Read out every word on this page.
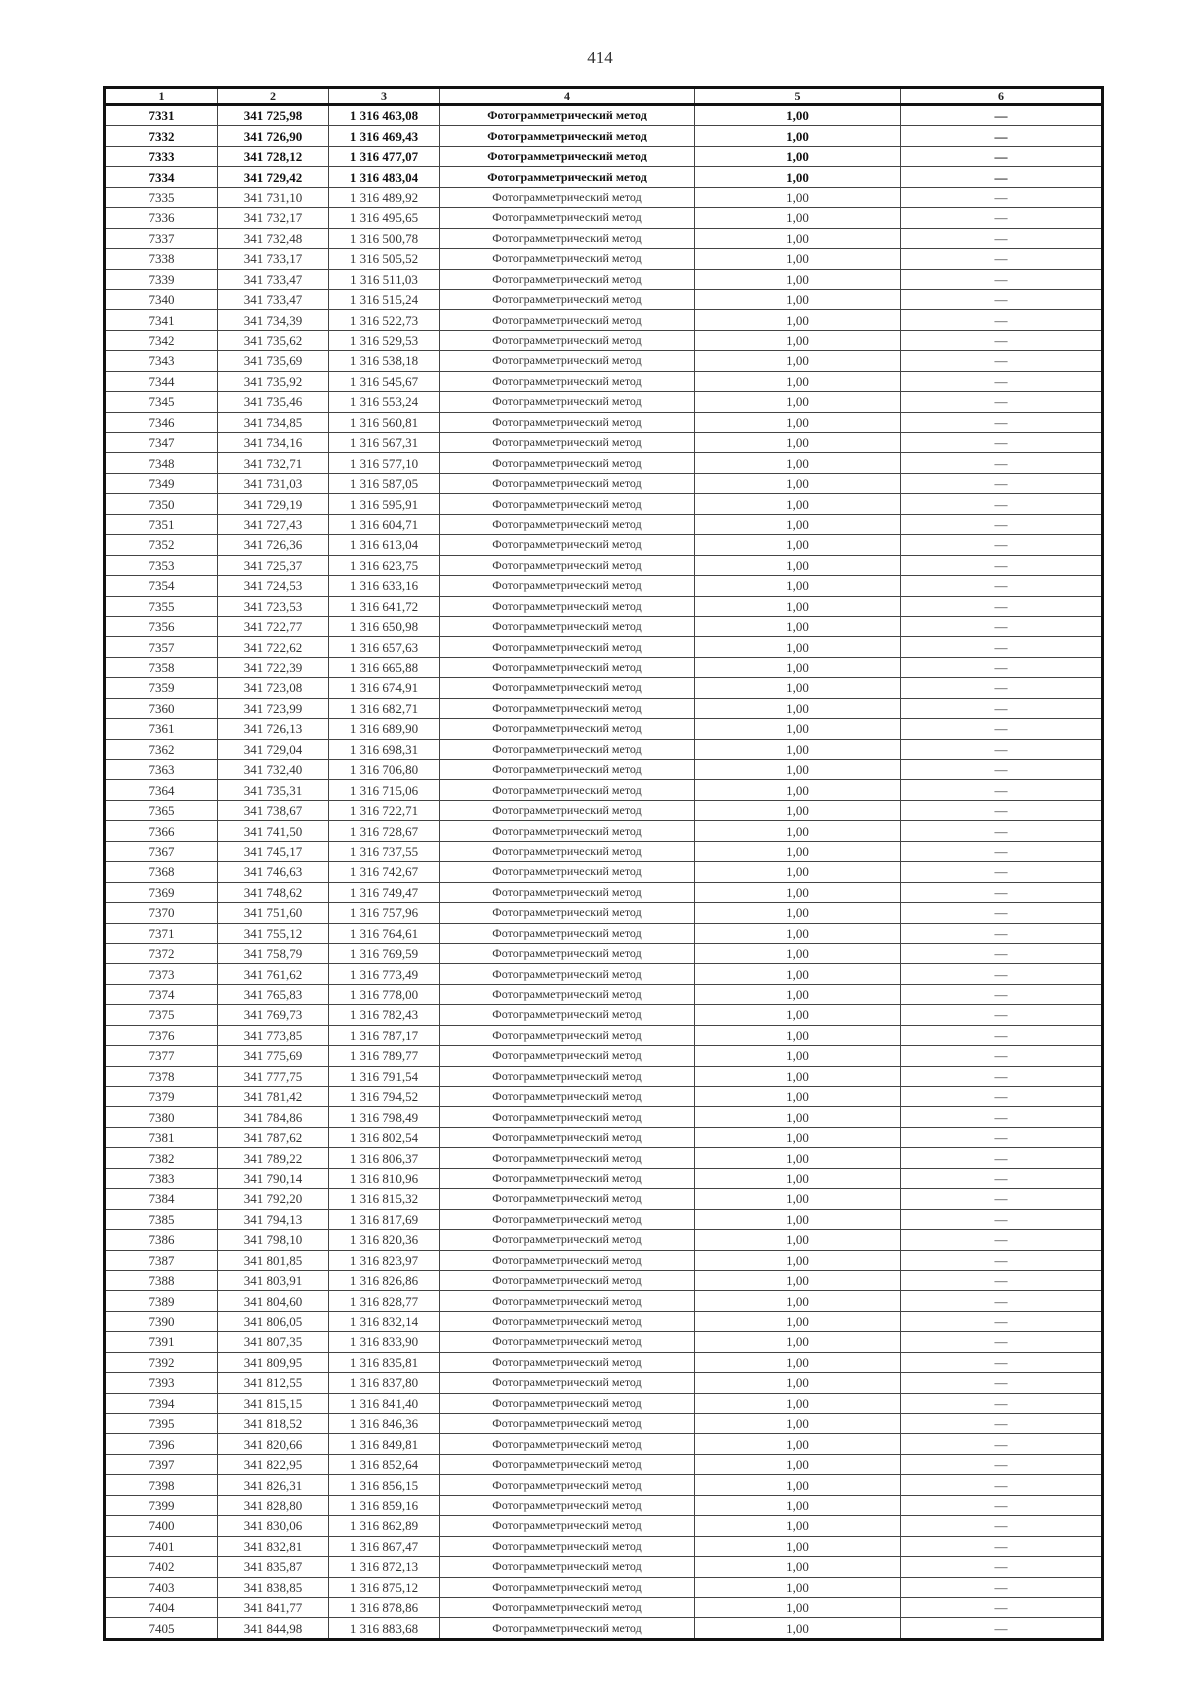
414
1	2	3	4	5	6
7331	341 725,98	1 316 463,08	Фотограмметрический метод	1,00	—
7332	341 726,90	1 316 469,43	Фотограмметрический метод	1,00	—
7333	341 728,12	1 316 477,07	Фотограмметрический метод	1,00	—
7334	341 729,42	1 316 483,04	Фотограмметрический метод	1,00	—
7335	341 731,10	1 316 489,92	Фотограмметрический метод	1,00	—
7336	341 732,17	1 316 495,65	Фотограмметрический метод	1,00	—
7337	341 732,48	1 316 500,78	Фотограмметрический метод	1,00	—
7338	341 733,17	1 316 505,52	Фотограмметрический метод	1,00	—
7339	341 733,47	1 316 511,03	Фотограмметрический метод	1,00	—
7340	341 733,47	1 316 515,24	Фотограмметрический метод	1,00	—
7341	341 734,39	1 316 522,73	Фотограмметрический метод	1,00	—
7342	341 735,62	1 316 529,53	Фотограмметрический метод	1,00	—
7343	341 735,69	1 316 538,18	Фотограмметрический метод	1,00	—
7344	341 735,92	1 316 545,67	Фотограмметрический метод	1,00	—
7345	341 735,46	1 316 553,24	Фотограмметрический метод	1,00	—
7346	341 734,85	1 316 560,81	Фотограмметрический метод	1,00	—
7347	341 734,16	1 316 567,31	Фотограмметрический метод	1,00	—
7348	341 732,71	1 316 577,10	Фотограмметрический метод	1,00	—
7349	341 731,03	1 316 587,05	Фотограмметрический метод	1,00	—
7350	341 729,19	1 316 595,91	Фотограмметрический метод	1,00	—
7351	341 727,43	1 316 604,71	Фотограмметрический метод	1,00	—
7352	341 726,36	1 316 613,04	Фотограмметрический метод	1,00	—
7353	341 725,37	1 316 623,75	Фотограмметрический метод	1,00	—
7354	341 724,53	1 316 633,16	Фотограмметрический метод	1,00	—
7355	341 723,53	1 316 641,72	Фотограмметрический метод	1,00	—
7356	341 722,77	1 316 650,98	Фотограмметрический метод	1,00	—
7357	341 722,62	1 316 657,63	Фотограмметрический метод	1,00	—
7358	341 722,39	1 316 665,88	Фотограмметрический метод	1,00	—
7359	341 723,08	1 316 674,91	Фотограмметрический метод	1,00	—
7360	341 723,99	1 316 682,71	Фотограмметрический метод	1,00	—
7361	341 726,13	1 316 689,90	Фотограмметрический метод	1,00	—
7362	341 729,04	1 316 698,31	Фотограмметрический метод	1,00	—
7363	341 732,40	1 316 706,80	Фотограмметрический метод	1,00	—
7364	341 735,31	1 316 715,06	Фотограмметрический метод	1,00	—
7365	341 738,67	1 316 722,71	Фотограмметрический метод	1,00	—
7366	341 741,50	1 316 728,67	Фотограмметрический метод	1,00	—
7367	341 745,17	1 316 737,55	Фотограмметрический метод	1,00	—
7368	341 746,63	1 316 742,67	Фотограмметрический метод	1,00	—
7369	341 748,62	1 316 749,47	Фотограмметрический метод	1,00	—
7370	341 751,60	1 316 757,96	Фотограмметрический метод	1,00	—
7371	341 755,12	1 316 764,61	Фотограмметрический метод	1,00	—
7372	341 758,79	1 316 769,59	Фотограмметрический метод	1,00	—
7373	341 761,62	1 316 773,49	Фотограмметрический метод	1,00	—
7374	341 765,83	1 316 778,00	Фотограмметрический метод	1,00	—
7375	341 769,73	1 316 782,43	Фотограмметрический метод	1,00	—
7376	341 773,85	1 316 787,17	Фотограмметрический метод	1,00	—
7377	341 775,69	1 316 789,77	Фотограмметрический метод	1,00	—
7378	341 777,75	1 316 791,54	Фотограмметрический метод	1,00	—
7379	341 781,42	1 316 794,52	Фотограмметрический метод	1,00	—
7380	341 784,86	1 316 798,49	Фотограмметрический метод	1,00	—
7381	341 787,62	1 316 802,54	Фотограмметрический метод	1,00	—
7382	341 789,22	1 316 806,37	Фотограмметрический метод	1,00	—
7383	341 790,14	1 316 810,96	Фотограмметрический метод	1,00	—
7384	341 792,20	1 316 815,32	Фотограмметрический метод	1,00	—
7385	341 794,13	1 316 817,69	Фотограмметрический метод	1,00	—
7386	341 798,10	1 316 820,36	Фотограмметрический метод	1,00	—
7387	341 801,85	1 316 823,97	Фотограмметрический метод	1,00	—
7388	341 803,91	1 316 826,86	Фотограмметрический метод	1,00	—
7389	341 804,60	1 316 828,77	Фотограмметрический метод	1,00	—
7390	341 806,05	1 316 832,14	Фотограмметрический метод	1,00	—
7391	341 807,35	1 316 833,90	Фотограмметрический метод	1,00	—
7392	341 809,95	1 316 835,81	Фотограмметрический метод	1,00	—
7393	341 812,55	1 316 837,80	Фотограмметрический метод	1,00	—
7394	341 815,15	1 316 841,40	Фотограмметрический метод	1,00	—
7395	341 818,52	1 316 846,36	Фотограмметрический метод	1,00	—
7396	341 820,66	1 316 849,81	Фотограмметрический метод	1,00	—
7397	341 822,95	1 316 852,64	Фотограмметрический метод	1,00	—
7398	341 826,31	1 316 856,15	Фотограмметрический метод	1,00	—
7399	341 828,80	1 316 859,16	Фотограмметрический метод	1,00	—
7400	341 830,06	1 316 862,89	Фотограмметрический метод	1,00	—
7401	341 832,81	1 316 867,47	Фотограмметрический метод	1,00	—
7402	341 835,87	1 316 872,13	Фотограмметрический метод	1,00	—
7403	341 838,85	1 316 875,12	Фотограмметрический метод	1,00	—
7404	341 841,77	1 316 878,86	Фотограмметрический метод	1,00	—
7405	341 844,98	1 316 883,68	Фотограмметрический метод	1,00	—
